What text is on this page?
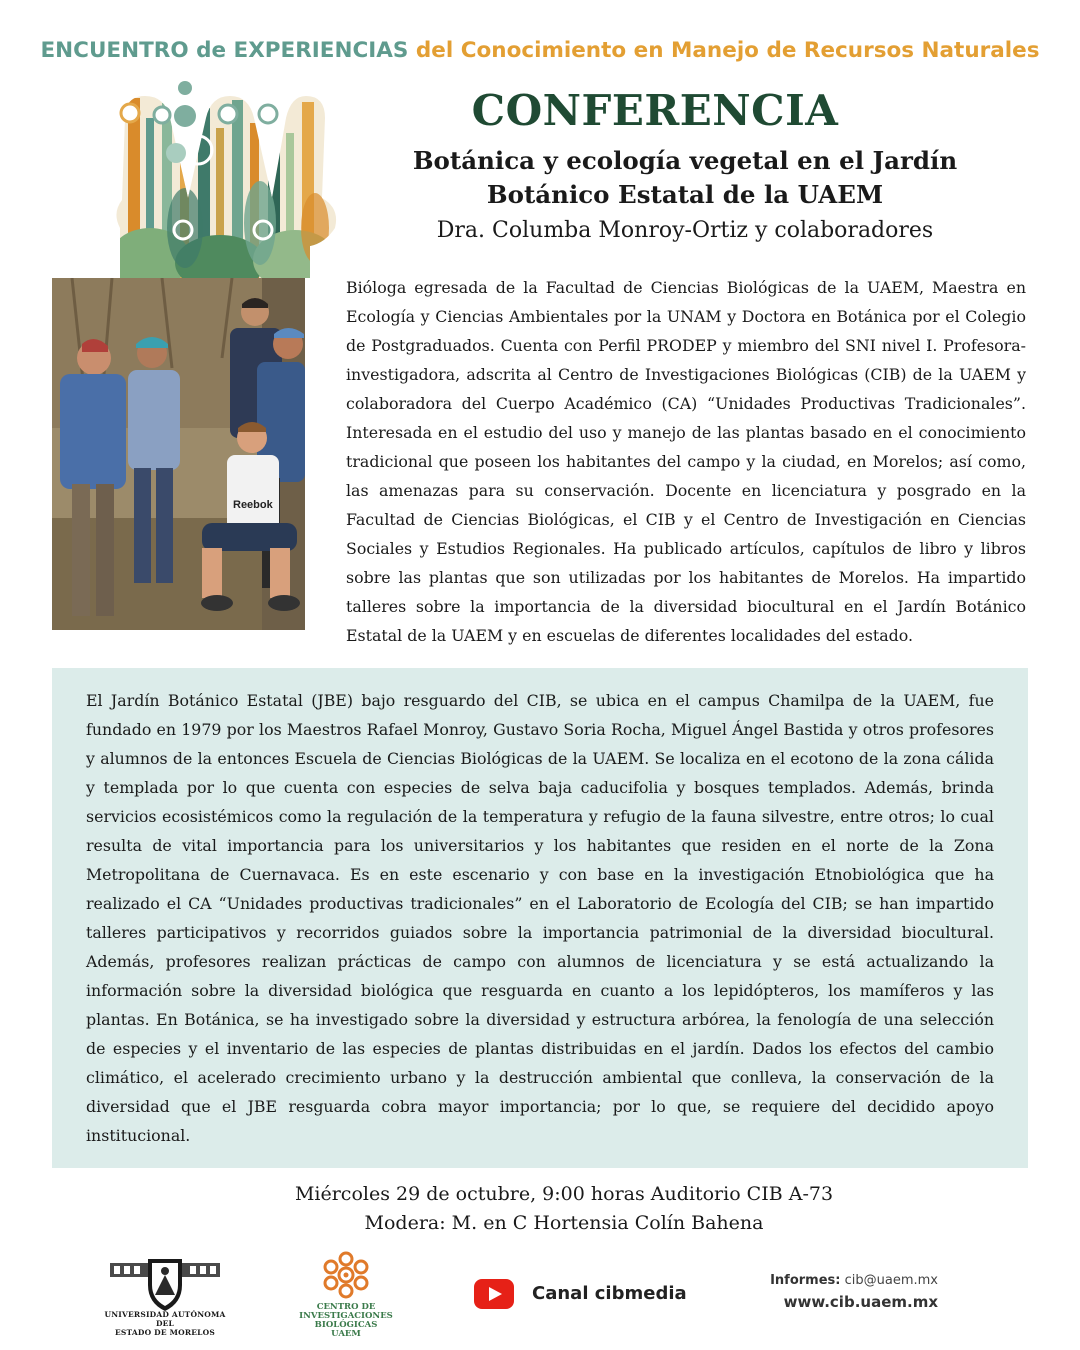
ENCUENTRO de EXPERIENCIAS del Conocimiento en Manejo de Recursos Naturales
CONFERENCIA
Botánica y ecología vegetal en el Jardín
Botánico Estatal de la UAEM
Dra. Columba Monroy-Ortiz y colaboradores
Reebok

Bióloga egresada de la Facultad de Ciencias Biológicas de la UAEM, Maestra en Ecología y Ciencias Ambientales por la UNAM y Doctora en Botánica por el Colegio de Postgraduados. Cuenta con Perfil PRODEP y miembro del SNI nivel I. Profesora-investigadora, adscrita al Centro de Investigaciones Biológicas (CIB) de la UAEM y colaboradora del Cuerpo Académico (CA) “Unidades Productivas Tradicionales”. Interesada en el estudio del uso y manejo de las plantas basado en el conocimiento tradicional que poseen los habitantes del campo y la ciudad, en Morelos; así como, las amenazas para su conservación. Docente en licenciatura y posgrado en la Facultad de Ciencias Biológicas, el CIB y el Centro de Investigación en Ciencias Sociales y Estudios Regionales. Ha publicado artículos, capítulos de libro y libros sobre las plantas que son utilizadas por los habitantes de Morelos. Ha impartido talleres sobre la importancia de la diversidad biocultural en el Jardín Botánico Estatal de la UAEM y en escuelas de diferentes localidades del estado.

El Jardín Botánico Estatal (JBE) bajo resguardo del CIB, se ubica en el campus Chamilpa de la UAEM, fue fundado en 1979 por los Maestros Rafael Monroy, Gustavo Soria Rocha, Miguel Ángel Bastida y otros profesores y alumnos de la entonces Escuela de Ciencias Biológicas de la UAEM. Se localiza en el ecotono de la zona cálida y templada por lo que cuenta con especies de selva baja caducifolia y bosques templados. Además, brinda servicios ecosistémicos como la regulación de la temperatura y refugio de la fauna silvestre, entre otros; lo cual resulta de vital importancia para los universitarios y los habitantes que residen en el norte de la Zona Metropolitana de Cuernavaca. Es en este escenario y con base en la investigación Etnobiológica que ha realizado el CA “Unidades productivas tradicionales” en el Laboratorio de Ecología del CIB; se han impartido talleres participativos y recorridos guiados sobre la importancia patrimonial de la diversidad biocultural. Además, profesores realizan prácticas de campo con alumnos de licenciatura y se está actualizando la información sobre la diversidad biológica que resguarda en cuanto a los lepidópteros, los mamíferos y las plantas. En Botánica, se ha investigado sobre la diversidad y estructura arbórea, la fenología de una selección de especies y el inventario de las especies de plantas distribuidas en el jardín. Dados los efectos del cambio climático, el acelerado crecimiento urbano y la destrucción ambiental que conlleva, la conservación de la diversidad que el JBE resguarda cobra mayor importancia; por lo que, se requiere del decidido apoyo institucional.

Miércoles 29 de octubre, 9:00 horas Auditorio CIB A-73
Modera: M. en C Hortensia Colín Bahena
UNIVERSIDAD AUTÓNOMA DEL
ESTADO DE MORELOS
CENTRO DE
INVESTIGACIONES
BIOLÓGICAS
UAEM
Canal cibmedia
Informes: cib@uaem.mx
www.cib.uaem.mx
